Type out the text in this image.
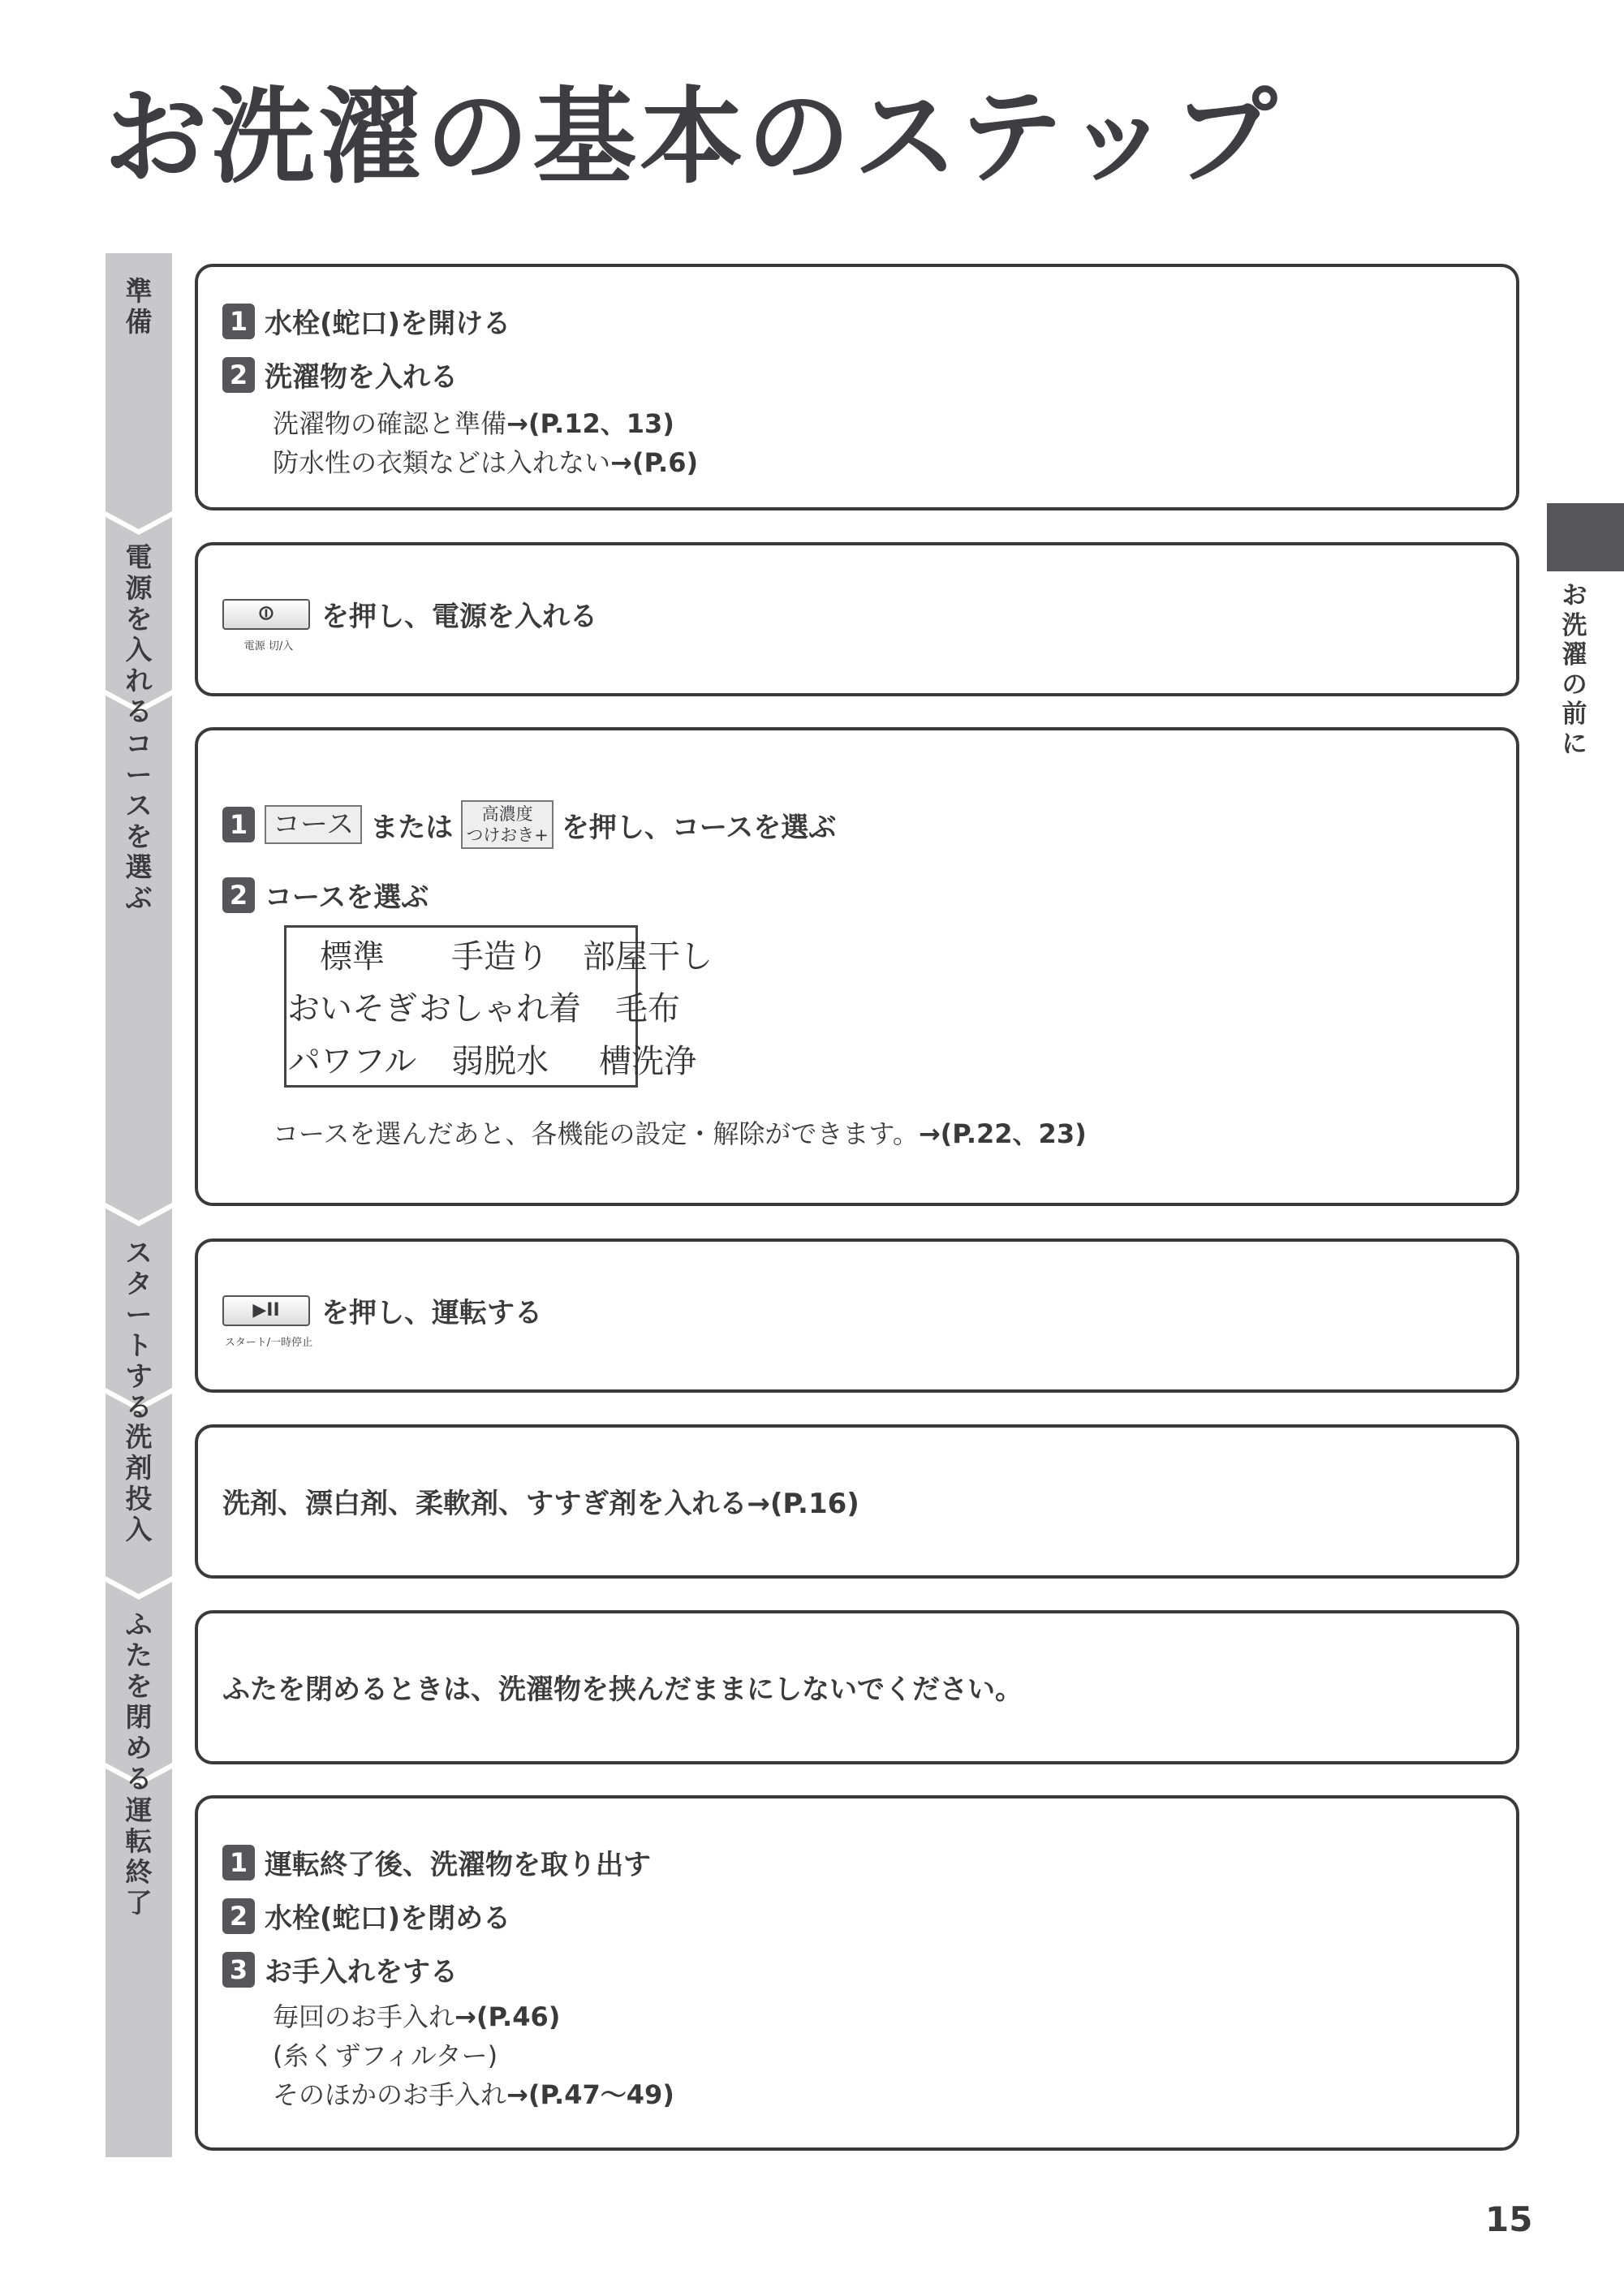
お洗濯の基本のステップ
準
備
電
源
を
入
れ
る
コ
ー
ス
を
選
ぶ
ス
タ
ー
ト
す
る
洗
剤
投
入
ふ
た
を
閉
め
る
運
転
終
了
1 水栓(蛇口)を開ける
2 洗濯物を入れる
洗濯物の確認と準備→(P.12、13)
防水性の衣類などは入れない→(P.6)
⏼
電源 切/入
を押し、電源を入れる
1 コース または	高濃度
つけおき+ を押し、コースを選ぶ
2 コースを選ぶ
標準	手造り	部屋干し
おいそぎ	おしゃれ着	毛布
パワフル	弱脱水	槽洗浄
コースを選んだあと、各機能の設定・解除ができます。→(P.22、23)
▶II
スタート/一時停止
を押し、運転する
洗剤、漂白剤、柔軟剤、すすぎ剤を入れる→(P.16)
ふたを閉めるときは、洗濯物を挟んだままにしないでください。
1 運転終了後、洗濯物を取り出す
2 水栓(蛇口)を閉める
3 お手入れをする
毎回のお手入れ→(P.46)
(糸くずフィルター)
そのほかのお手入れ→(P.47〜49)
お
洗
濯
の
前
に
15
